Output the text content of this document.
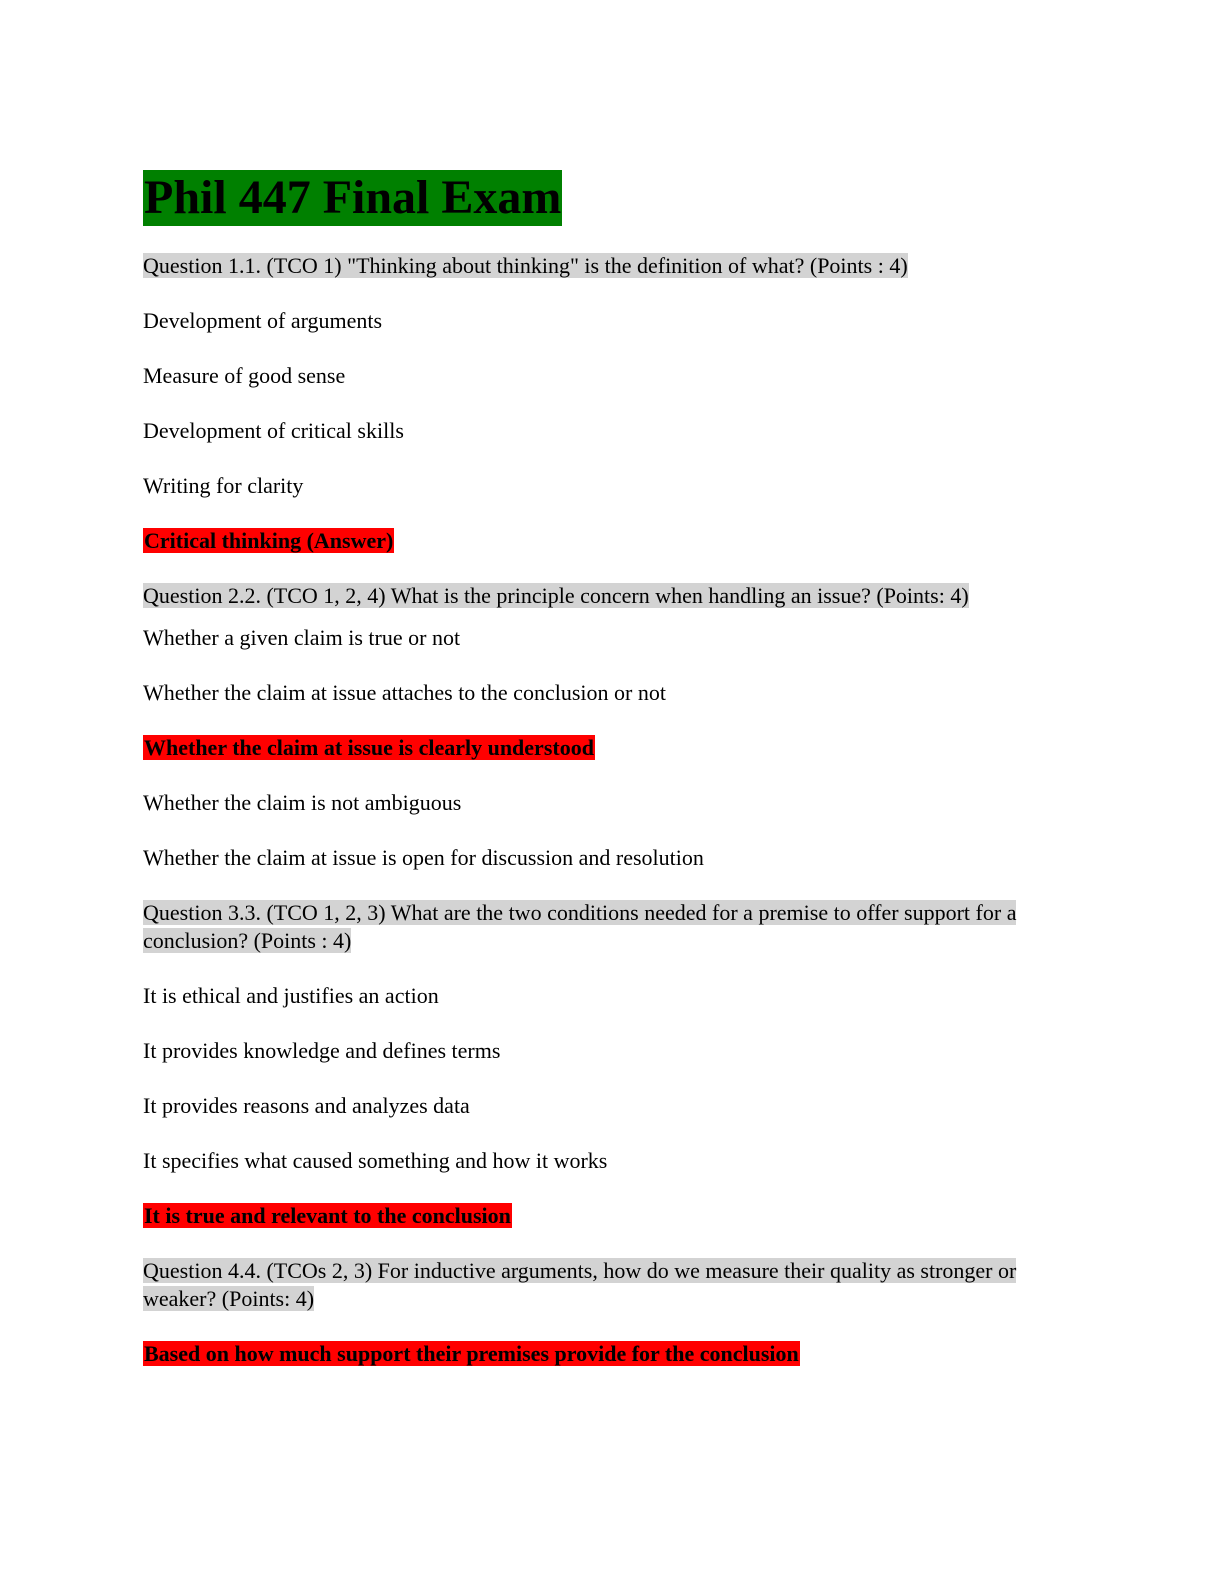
Phil 447 Final Exam
Question 1.1. (TCO 1) "Thinking about thinking" is the definition of what? (Points : 4)
Development of arguments
Measure of good sense
Development of critical skills
Writing for clarity
Critical thinking (Answer)
Question 2.2. (TCO 1, 2, 4) What is the principle concern when handling an issue? (Points: 4)
Whether a given claim is true or not
Whether the claim at issue attaches to the conclusion or not
Whether the claim at issue is clearly understood
Whether the claim is not ambiguous
Whether the claim at issue is open for discussion and resolution
Question 3.3. (TCO 1, 2, 3) What are the two conditions needed for a premise to offer support for a conclusion? (Points : 4)
It is ethical and justifies an action
It provides knowledge and defines terms
It provides reasons and analyzes data
It specifies what caused something and how it works
It is true and relevant to the conclusion
Question 4.4. (TCOs 2, 3) For inductive arguments, how do we measure their quality as stronger or weaker? (Points: 4)
Based on how much support their premises provide for the conclusion
